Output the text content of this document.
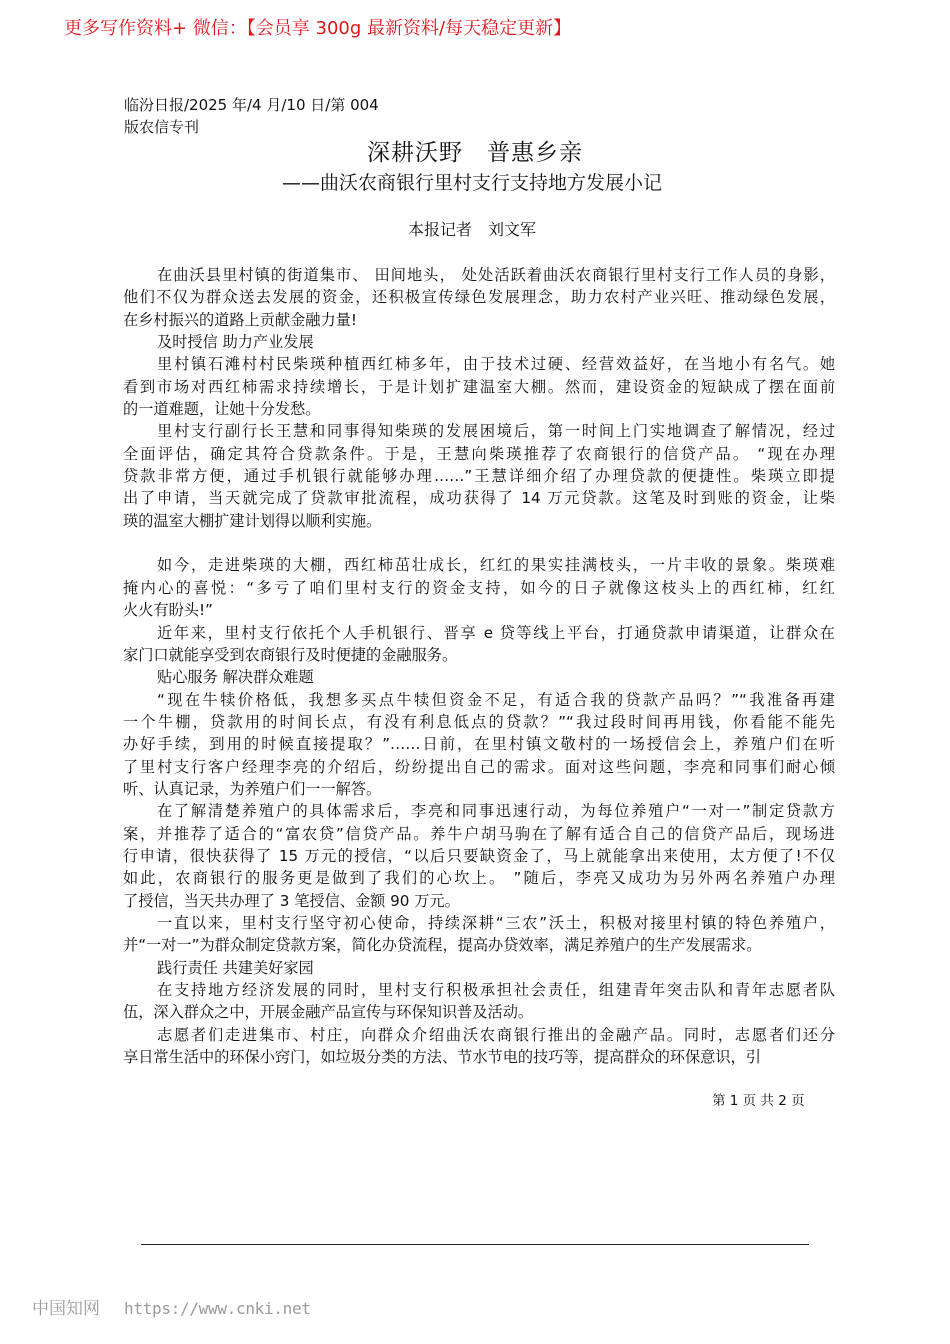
更多写作资料+ 微信：【会员享 300g 最新资料/每天稳定更新】
临汾日报/2025 年/4 月/10 日/第 004
版农信专刊
深耕沃野　普惠乡亲
——曲沃农商银行里村支行支持地方发展小记
本报记者　刘文军
在曲沃县里村镇的街道集市、 田间地头， 处处活跃着曲沃农商银行里村支行工作人员的身影，
他们不仅为群众送去发展的资金，还积极宣传绿色发展理念，助力农村产业兴旺、推动绿色发展，
在乡村振兴的道路上贡献金融力量!
及时授信 助力产业发展
里村镇石滩村村民柴瑛种植西红柿多年，由于技术过硬、经营效益好，在当地小有名气。她
看到市场对西红柿需求持续增长，于是计划扩建温室大棚。然而，建设资金的短缺成了摆在面前
的一道难题，让她十分发愁。
里村支行副行长王慧和同事得知柴瑛的发展困境后，第一时间上门实地调查了解情况，经过
全面评估，确定其符合贷款条件。于是，王慧向柴瑛推荐了农商银行的信贷产品。 “现在办理
贷款非常方便，通过手机银行就能够办理……”王慧详细介绍了办理贷款的便捷性。柴瑛立即提
出了申请，当天就完成了贷款审批流程，成功获得了 14 万元贷款。这笔及时到账的资金，让柴
瑛的温室大棚扩建计划得以顺利实施。
如今，走进柴瑛的大棚，西红柿茁壮成长，红红的果实挂满枝头，一片丰收的景象。柴瑛难
掩内心的喜悦：“多亏了咱们里村支行的资金支持，如今的日子就像这枝头上的西红柿，红红
火火有盼头!”
近年来，里村支行依托个人手机银行、晋享 e 贷等线上平台，打通贷款申请渠道，让群众在
家门口就能享受到农商银行及时便捷的金融服务。
贴心服务 解决群众难题
“现在牛犊价格低，我想多买点牛犊但资金不足，有适合我的贷款产品吗？”“我准备再建
一个牛棚，贷款用的时间长点，有没有利息低点的贷款？”“我过段时间再用钱，你看能不能先
办好手续，到用的时候直接提取？”……日前，在里村镇文敬村的一场授信会上，养殖户们在听
了里村支行客户经理李亮的介绍后，纷纷提出自己的需求。面对这些问题，李亮和同事们耐心倾
听、认真记录，为养殖户们一一解答。
在了解清楚养殖户的具体需求后，李亮和同事迅速行动，为每位养殖户“一对一”制定贷款方
案，并推荐了适合的“富农贷”信贷产品。养牛户胡马驹在了解有适合自己的信贷产品后，现场进
行申请，很快获得了 15 万元的授信，“以后只要缺资金了，马上就能拿出来使用，太方便了!不仅
如此，农商银行的服务更是做到了我们的心坎上。 ”随后，李亮又成功为另外两名养殖户办理
了授信，当天共办理了 3 笔授信、金额 90 万元。
一直以来，里村支行坚守初心使命，持续深耕“三农”沃土，积极对接里村镇的特色养殖户，
并“一对一”为群众制定贷款方案，简化办贷流程，提高办贷效率，满足养殖户的生产发展需求。
践行责任 共建美好家园
在支持地方经济发展的同时，里村支行积极承担社会责任，组建青年突击队和青年志愿者队
伍，深入群众之中，开展金融产品宣传与环保知识普及活动。
志愿者们走进集市、村庄，向群众介绍曲沃农商银行推出的金融产品。同时，志愿者们还分
享日常生活中的环保小窍门，如垃圾分类的方法、节水节电的技巧等，提高群众的环保意识，引
第 1 页 共 2 页
中国知网 https://www.cnki.net
